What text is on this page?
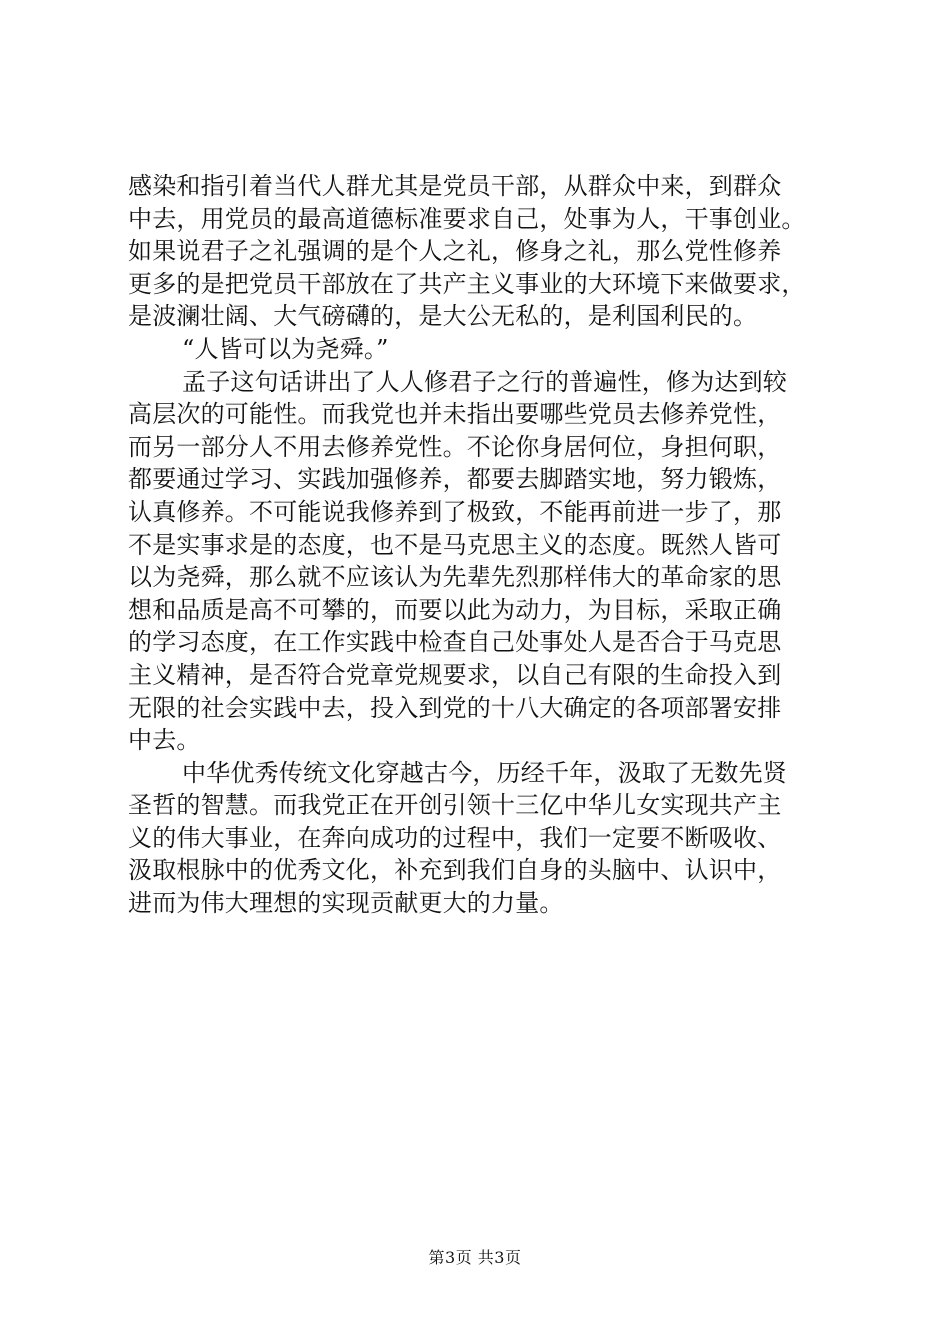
感染和指引着当代人群尤其是党员干部，从群众中来，到群众
中去，用党员的最高道德标准要求自己，处事为人，干事创业。
如果说君子之礼强调的是个人之礼，修身之礼，那么党性修养
更多的是把党员干部放在了共产主义事业的大环境下来做要求，
是波澜壮阔、大气磅礴的，是大公无私的，是利国利民的。
“人皆可以为尧舜。”
孟子这句话讲出了人人修君子之行的普遍性，修为达到较
高层次的可能性。而我党也并未指出要哪些党员去修养党性，
而另一部分人不用去修养党性。不论你身居何位，身担何职，
都要通过学习、实践加强修养，都要去脚踏实地，努力锻炼，
认真修养。不可能说我修养到了极致，不能再前进一步了，那
不是实事求是的态度，也不是马克思主义的态度。既然人皆可
以为尧舜，那么就不应该认为先辈先烈那样伟大的革命家的思
想和品质是高不可攀的，而要以此为动力，为目标，采取正确
的学习态度，在工作实践中检查自己处事处人是否合于马克思
主义精神，是否符合党章党规要求，以自己有限的生命投入到
无限的社会实践中去，投入到党的十八大确定的各项部署安排
中去。
中华优秀传统文化穿越古今，历经千年，汲取了无数先贤
圣哲的智慧。而我党正在开创引领十三亿中华儿女实现共产主
义的伟大事业，在奔向成功的过程中，我们一定要不断吸收、
汲取根脉中的优秀文化，补充到我们自身的头脑中、认识中，
进而为伟大理想的实现贡献更大的力量。
第3页 共3页
